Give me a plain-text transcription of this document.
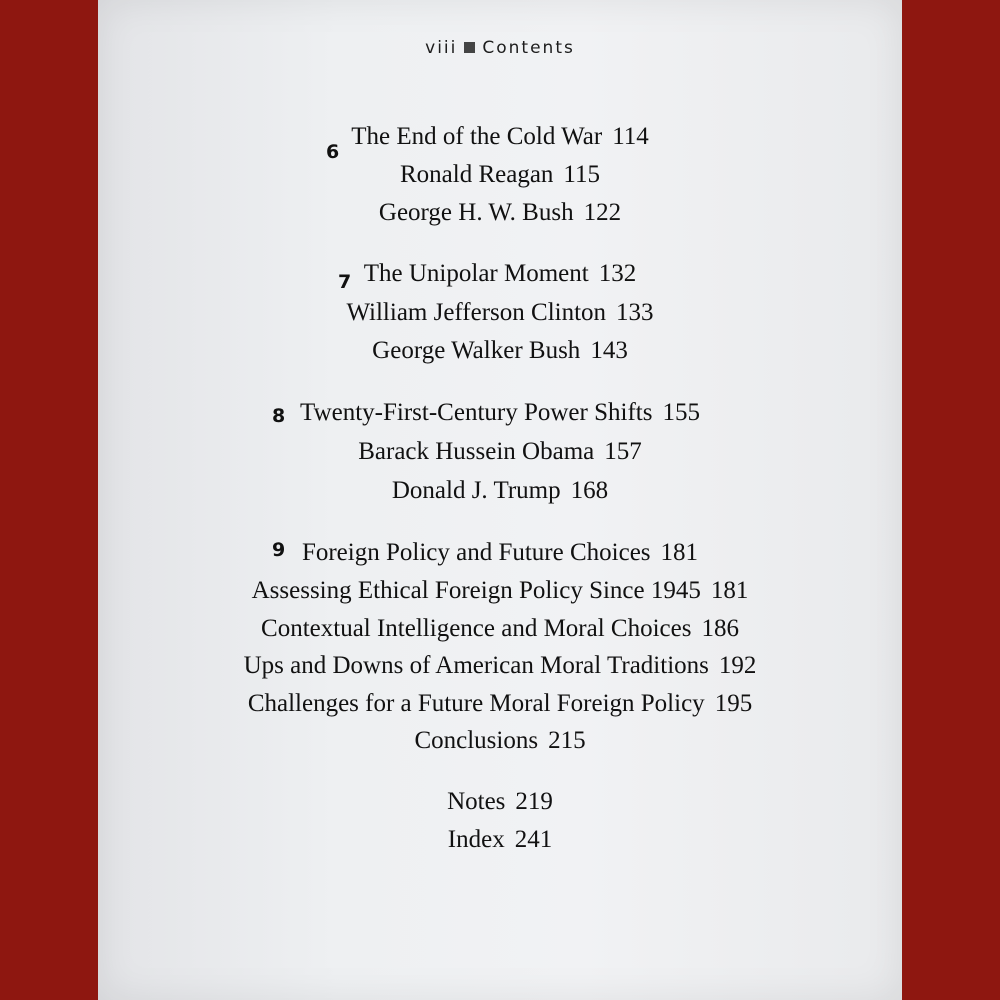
viii Contents
6
The End of the Cold War 114
Ronald Reagan 115
George H. W. Bush 122
7 The Unipolar Moment 132
William Jefferson Clinton 133
George Walker Bush 143
8 Twenty-First-Century Power Shifts 155
Barack Hussein Obama 157
Donald J. Trump 168
9 Foreign Policy and Future Choices 181
Assessing Ethical Foreign Policy Since 1945 181
Contextual Intelligence and Moral Choices 186
Ups and Downs of American Moral Traditions 192
Challenges for a Future Moral Foreign Policy 195
Conclusions 215
Notes 219
Index 241
